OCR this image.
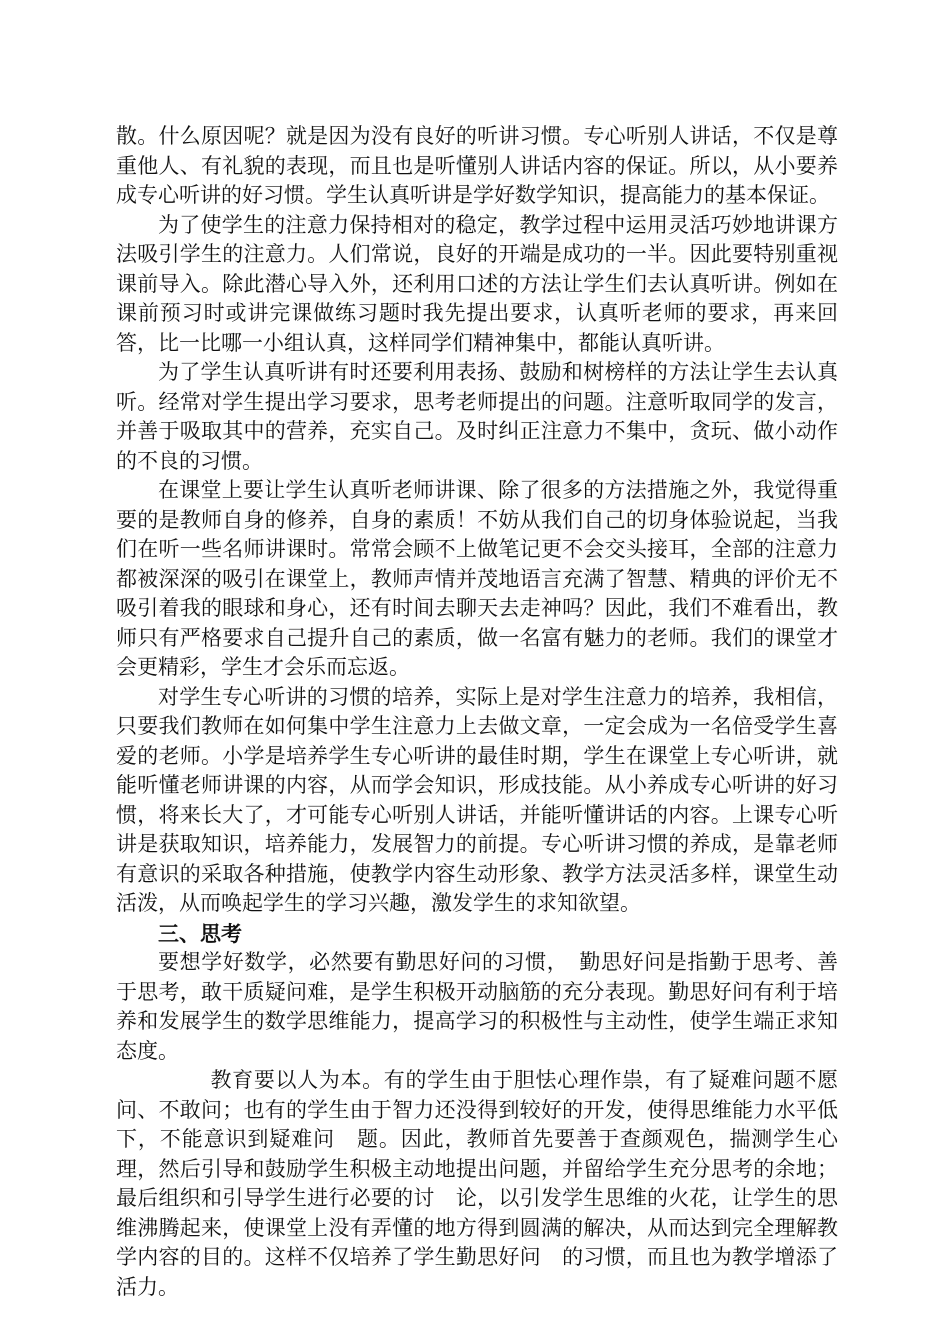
散。什么原因呢？就是因为没有良好的听讲习惯。专心听别人讲话，不仅是尊重他人、有礼貌的表现，而且也是听懂别人讲话内容的保证。所以，从小要养成专心听讲的好习惯。学生认真听讲是学好数学知识，提高能力的基本保证。

为了使学生的注意力保持相对的稳定，教学过程中运用灵活巧妙地讲课方法吸引学生的注意力。人们常说，良好的开端是成功的一半。因此要特别重视课前导入。除此潜心导入外，还利用口述的方法让学生们去认真听讲。例如在课前预习时或讲完课做练习题时我先提出要求，认真听老师的要求，再来回答，比一比哪一小组认真，这样同学们精神集中，都能认真听讲。

为了学生认真听讲有时还要利用表扬、鼓励和树榜样的方法让学生去认真听。经常对学生提出学习要求，思考老师提出的问题。注意听取同学的发言，并善于吸取其中的营养，充实自己。及时纠正注意力不集中，贪玩、做小动作的不良的习惯。

在课堂上要让学生认真听老师讲课、除了很多的方法措施之外，我觉得重要的是教师自身的修养，自身的素质！不妨从我们自己的切身体验说起，当我们在听一些名师讲课时。常常会顾不上做笔记更不会交头接耳，全部的注意力都被深深的吸引在课堂上，教师声情并茂地语言充满了智慧、精典的评价无不吸引着我的眼球和身心，还有时间去聊天去走神吗？因此，我们不难看出，教师只有严格要求自己提升自己的素质，做一名富有魅力的老师。我们的课堂才会更精彩，学生才会乐而忘返。

对学生专心听讲的习惯的培养，实际上是对学生注意力的培养，我相信，只要我们教师在如何集中学生注意力上去做文章，一定会成为一名倍受学生喜爱的老师。小学是培养学生专心听讲的最佳时期，学生在课堂上专心听讲，就能听懂老师讲课的内容，从而学会知识，形成技能。从小养成专心听讲的好习惯，将来长大了，才可能专心听别人讲话，并能听懂讲话的内容。上课专心听讲是获取知识，培养能力，发展智力的前提。专心听讲习惯的养成，是靠老师有意识的采取各种措施，使教学内容生动形象、教学方法灵活多样，课堂生动活泼，从而唤起学生的学习兴趣，激发学生的求知欲望。

三、思考

要想学好数学，必然要有勤思好问的习惯，　勤思好问是指勤于思考、善于思考，敢干质疑问难，是学生积极开动脑筋的充分表现。勤思好问有利于培养和发展学生的数学思维能力，提高学习的积极性与主动性，使学生端正求知态度。

教育要以人为本。有的学生由于胆怯心理作祟，有了疑难问题不愿问、不敢问；也有的学生由于智力还没得到较好的开发，使得思维能力水平低下，不能意识到疑难问　题。因此，教师首先要善于查颜观色，揣测学生心理，然后引导和鼓励学生积极主动地提出问题，并留给学生充分思考的余地；最后组织和引导学生进行必要的讨　论，以引发学生思维的火花，让学生的思维沸腾起来，使课堂上没有弄懂的地方得到圆满的解决，从而达到完全理解教学内容的目的。这样不仅培养了学生勤思好问　的习惯，而且也为教学增添了活力。
